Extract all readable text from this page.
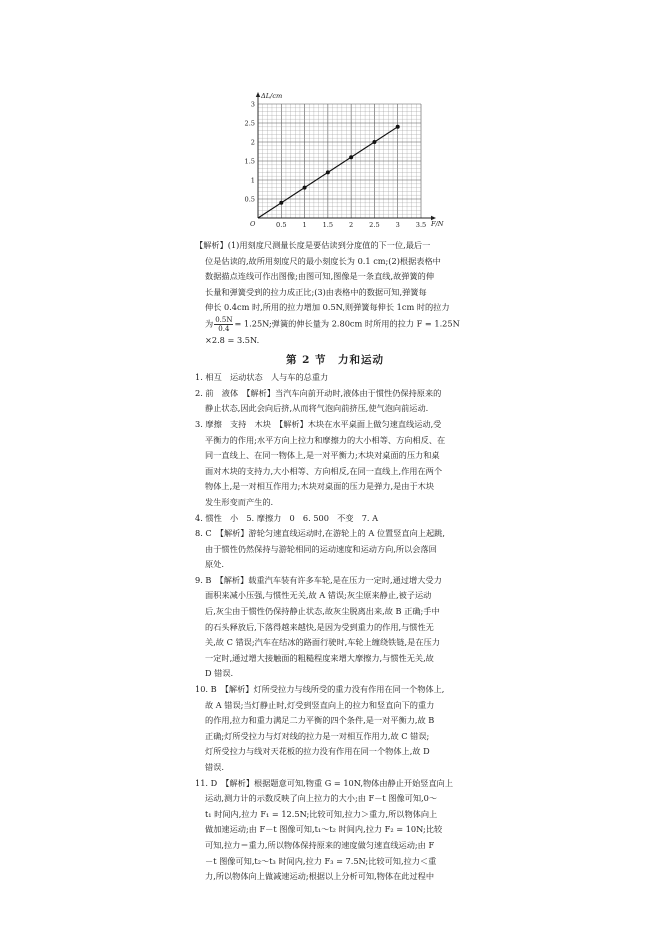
ΔL/cm
F/N
O	0.5 1 1.5 2 2.5 3 3.5
0.5
1
1.5
2
2.5
3

【解析】(1)用刻度尺测量长度是要估读到分度值的下一位,最后一

位是估读的,故所用刻度尺的最小刻度长为 0.1 cm;(2)根据表格中

数据描点连线可作出图像;由图可知,图像是一条直线,故弹簧的伸

长量和弹簧受到的拉力成正比;(3)由表格中的数据可知,弹簧每

伸长 0.4cm 时,所用的拉力增加 0.5N,则弹簧每伸长 1cm 时的拉力

为 $\frac{0.5N}{0.4} = 1.25N$;弹簧的伸长量为 2.80cm 时所用的拉力 F = 1.25N

×2.8 = 3.5N.

第 2 节　力和运动

1. 相互　运动状态　人与车的总重力

2. 前　液体　【解析】当汽车向前开动时,液体由于惯性仍保持原来的

静止状态,因此会向后挤,从而将气泡向前挤压,使气泡向前运动.

3. 摩擦　支持　木块　【解析】木块在水平桌面上做匀速直线运动,受

平衡力的作用;水平方向上拉力和摩擦力的大小相等、方向相反、在

同一直线上、在同一物体上,是一对平衡力;木块对桌面的压力和桌

面对木块的支持力,大小相等、方向相反,在同一直线上,作用在两个

物体上,是一对相互作用力;木块对桌面的压力是弹力,是由于木块

发生形变而产生的.

4. 惯性　小　5. 摩擦力　0　6. 500　不变　7. A

8. C　【解析】游轮匀速直线运动时,在游轮上的 A 位置竖直向上起跳,

由于惯性仍然保持与游轮相同的运动速度和运动方向,所以会落回

原处.

9. B　【解析】载重汽车装有许多车轮,是在压力一定时,通过增大受力

面积来减小压强,与惯性无关,故 A 错误;灰尘原来静止,被子运动

后,灰尘由于惯性仍保持静止状态,故灰尘脱离出来,故 B 正确;手中

的石头释放后,下落得越来越快,是因为受到重力的作用,与惯性无

关,故 C 错误;汽车在结冰的路面行驶时,车轮上缠绕铁链,是在压力

一定时,通过增大接触面的粗糙程度来增大摩擦力,与惯性无关,故

D 错误.

10. B　【解析】灯所受拉力与线所受的重力没有作用在同一个物体上,

故 A 错误;当灯静止时,灯受到竖直向上的拉力和竖直向下的重力

的作用,拉力和重力满足二力平衡的四个条件,是一对平衡力,故 B

正确;灯所受拉力与灯对线的拉力是一对相互作用力,故 C 错误;

灯所受拉力与线对天花板的拉力没有作用在同一个物体上,故 D

错误.

11. D　【解析】根据题意可知,物重 G = 10N,物体由静止开始竖直向上

运动,测力计的示数反映了向上拉力的大小;由 F－t 图像可知,0～

t₁ 时间内,拉力 F₁ = 12.5N;比较可知,拉力＞重力,所以物体向上

做加速运动;由 F－t 图像可知,t₁～t₂ 时间内,拉力 F₂ = 10N;比较

可知,拉力＝重力,所以物体保持原来的速度做匀速直线运动;由 F

－t 图像可知,t₂～t₃ 时间内,拉力 F₃ = 7.5N;比较可知,拉力＜重

力,所以物体向上做减速运动;根据以上分析可知,物体在此过程中
